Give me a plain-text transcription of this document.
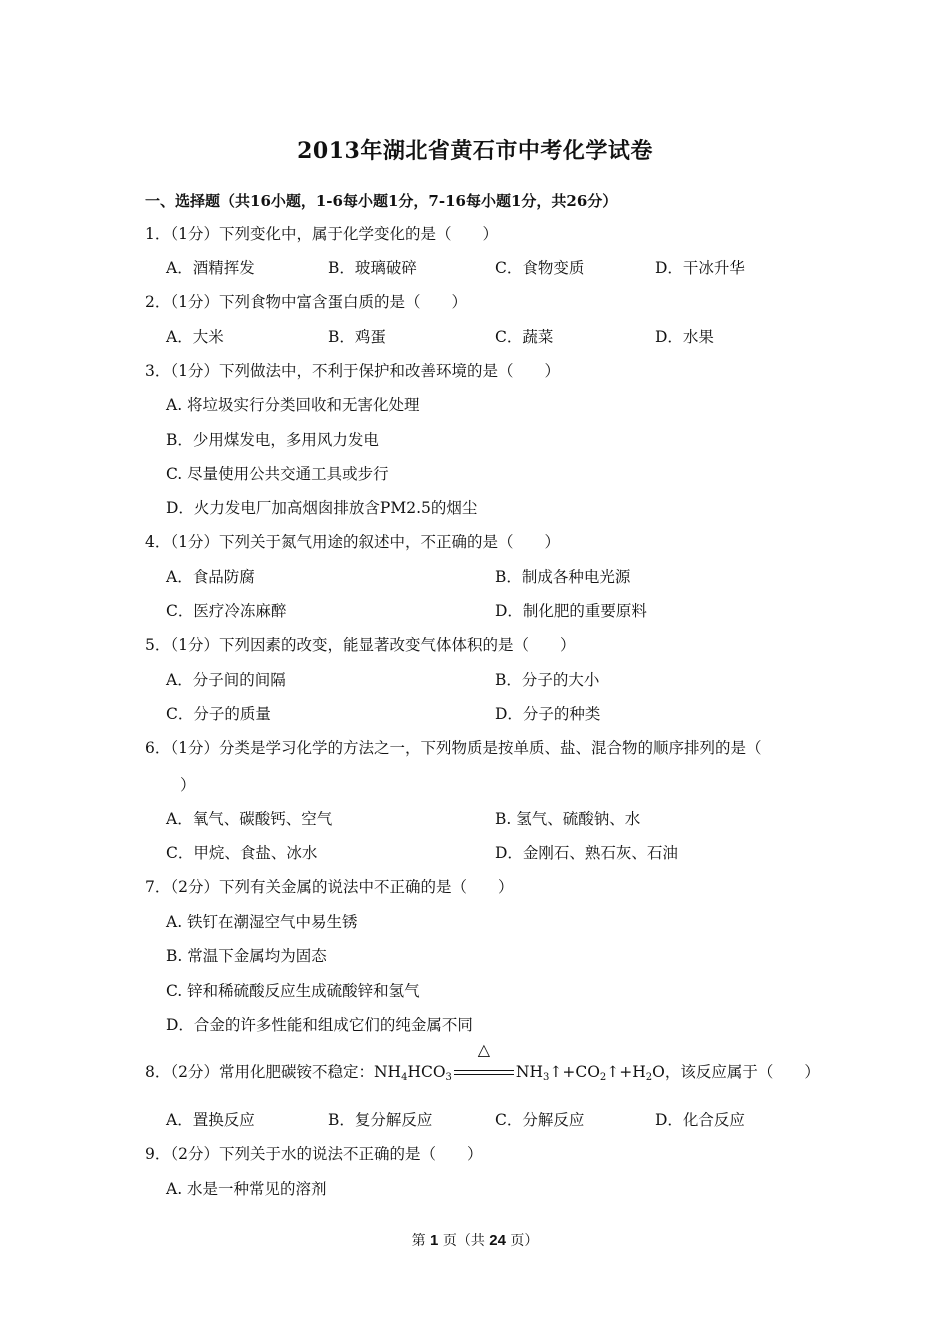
2013年湖北省黄石市中考化学试卷
一、选择题（共16小题，1-6每小题1分，7-16每小题1分，共26分）
1．（1分）下列变化中，属于化学变化的是（　　）
A．酒精挥发	B．玻璃破碎	C．食物变质	D．干冰升华
2．（1分）下列食物中富含蛋白质的是（　　）
A．大米	B．鸡蛋	C．蔬菜	D．水果
3．（1分）下列做法中，不利于保护和改善环境的是（　　）
A. 将垃圾实行分类回收和无害化处理
B．少用煤发电，多用风力发电
C. 尽量使用公共交通工具或步行
D．火力发电厂加高烟囱排放含PM2.5的烟尘
4．（1分）下列关于氮气用途的叙述中，不正确的是（　　）
A．食品防腐	B．制成各种电光源
C．医疗冷冻麻醉	D．制化肥的重要原料
5．（1分）下列因素的改变，能显著改变气体体积的是（　　）
A．分子间的间隔	B．分子的大小
C．分子的质量	D．分子的种类
6．（1分）分类是学习化学的方法之一，下列物质是按单质、盐、混合物的顺序排列的是（
）
A．氧气、碳酸钙、空气	B. 氢气、硫酸钠、水
C．甲烷、食盐、冰水	D．金刚石、熟石灰、石油
7．（2分）下列有关金属的说法中不正确的是（　　）
A. 铁钉在潮湿空气中易生锈
B. 常温下金属均为固态
C. 锌和稀硫酸反应生成硫酸锌和氢气
D．合金的许多性能和组成它们的纯金属不同
8．（2分）常用化肥碳铵不稳定：$NH_4HCO_3$
△
$NH_3↑+CO_2↑+H_2O$，该反应属于（　　）
A．置换反应	B．复分解反应	C．分解反应	D．化合反应
9．（2分）下列关于水的说法不正确的是（　　）
A. 水是一种常见的溶剂
第 1 页（共 24 页）
